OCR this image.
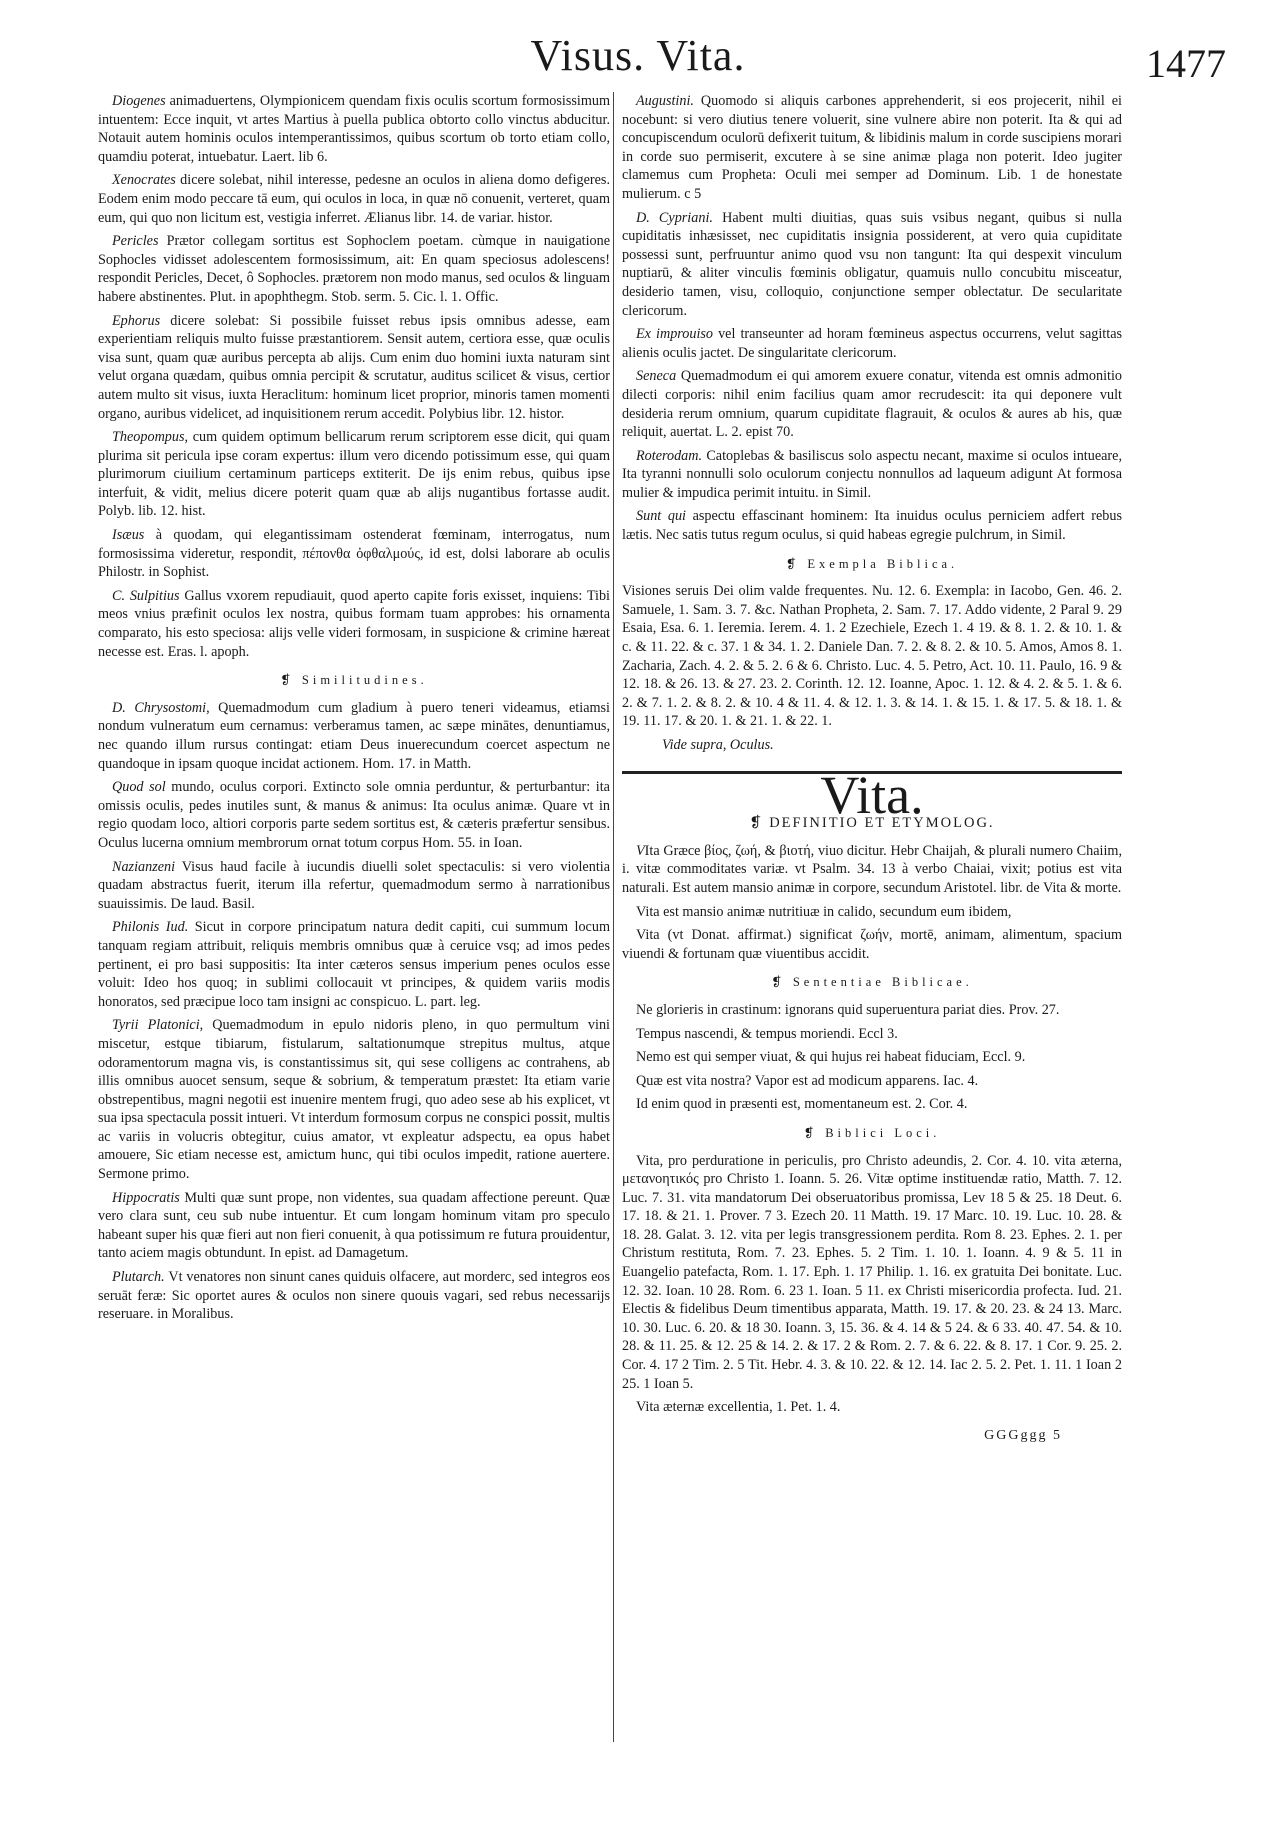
Visus. Vita.	1477

Diogenes animaduertens, Olympionicem quendam fixis oculis scortum formosissimum intuentem: Ecce inquit, vt artes Martius à puella publica obtorto collo vinctus abducitur. Notauit autem hominis oculos intemperantissimos, quibus scortum ob torto etiam collo, quamdiu poterat, intuebatur. Laert. lib 6.

Xenocrates dicere solebat, nihil interesse, pedesne an oculos in aliena domo defigeres. Eodem enim modo peccare tā eum, qui oculos in loca, in quæ nō conuenit, verteret, quam eum, qui quo non licitum est, vestigia inferret. Ælianus libr. 14. de variar. histor.

Pericles Prætor collegam sortitus est Sophoclem poetam. cùmque in nauigatione Sophocles vidisset adolescentem formosissimum, ait: En quam speciosus adolescens! respondit Pericles, Decet, ô Sophocles. prætorem non modo manus, sed oculos & linguam habere abstinentes. Plut. in apophthegm. Stob. serm. 5. Cic. l. 1. Offic.

Ephorus dicere solebat: Si possibile fuisset rebus ipsis omnibus adesse, eam experientiam reliquis multo fuisse præstantiorem. Sensit autem, certiora esse, quæ oculis visa sunt, quam quæ auribus percepta ab alijs. Cum enim duo homini iuxta naturam sint velut organa quædam, quibus omnia percipit & scrutatur, auditus scilicet & visus, certior autem multo sit visus, iuxta Heraclitum: hominum licet proprior, minoris tamen momenti organo, auribus videlicet, ad inquisitionem rerum accedit. Polybius libr. 12. histor.

Theopompus, cum quidem optimum bellicarum rerum scriptorem esse dicit, qui quam plurima sit pericula ipse coram expertus: illum vero dicendo potissimum esse, qui quam plurimorum ciuilium certaminum particeps extiterit. De ijs enim rebus, quibus ipse interfuit, & vidit, melius dicere poterit quam quæ ab alijs nugantibus fortasse audit. Polyb. lib. 12. hist.

Isæus à quodam, qui elegantissimam ostenderat fœminam, interrogatus, num formosissima videretur, respondit, πέπονθα ὀφθαλμούς, id est, dolsi laborare ab oculis Philostr. in Sophist.

C. Sulpitius Gallus vxorem repudiauit, quod aperto capite foris exisset, inquiens: Tibi meos vnius præfinit oculos lex nostra, quibus formam tuam approbes: his ornamenta comparato, his esto speciosa: alijs velle videri formosam, in suspicione & crimine hæreat necesse est. Eras. l. apoph.

❡ Similitudines.

D. Chrysostomi, Quemadmodum cum gladium à puero teneri videamus, etiamsi nondum vulneratum eum cernamus: verberamus tamen, ac sæpe minātes, denuntiamus, nec quando illum rursus contingat: etiam Deus inuerecundum coercet aspectum ne quandoque in ipsam quoque incidat actionem. Hom. 17. in Matth.

Quod sol mundo, oculus corpori. Extincto sole omnia perduntur, & perturbantur: ita omissis oculis, pedes inutiles sunt, & manus & animus: Ita oculus animæ. Quare vt in regio quodam loco, altiori corporis parte sedem sortitus est, & cæteris præfertur sensibus. Oculus lucerna omnium membrorum ornat totum corpus Hom. 55. in Ioan.

Nazianzeni Visus haud facile à iucundis diuelli solet spectaculis: si vero violentia quadam abstractus fuerit, iterum illa refertur, quemadmodum sermo à narrationibus suauissimis. De laud. Basil.

Philonis Iud. Sicut in corpore principatum natura dedit capiti, cui summum locum tanquam regiam attribuit, reliquis membris omnibus quæ à ceruice vsq; ad imos pedes pertinent, ei pro basi suppositis: Ita inter cæteros sensus imperium penes oculos esse voluit: Ideo hos quoq; in sublimi collocauit vt principes, & quidem variis modis honoratos, sed præcipue loco tam insigni ac conspicuo. L. part. leg.

Tyrii Platonici, Quemadmodum in epulo nidoris pleno, in quo permultum vini miscetur, estque tibiarum, fistularum, saltationumque strepitus multus, atque odoramentorum magna vis, is constantissimus sit, qui sese colligens ac contrahens, ab illis omnibus auocet sensum, seque & sobrium, & temperatum præstet: Ita etiam varie obstrepentibus, magni negotii est inuenire mentem frugi, quo adeo sese ab his explicet, vt sua ipsa spectacula possit intueri. Vt interdum formosum corpus ne conspici possit, multis ac variis in volucris obtegitur, cuius amator, vt expleatur adspectu, ea opus habet amouere, Sic etiam necesse est, amictum hunc, qui tibi oculos impedit, ratione auertere. Sermone primo.

Hippocratis Multi quæ sunt prope, non videntes, sua quadam affectione pereunt. Quæ vero clara sunt, ceu sub nube intuentur. Et cum longam hominum vitam pro speculo habeant super his quæ fieri aut non fieri conuenit, à qua potissimum re futura prouidentur, tanto aciem magis obtundunt. In epist. ad Damagetum.

Plutarch. Vt venatores non sinunt canes quiduis olfacere, aut morderc, sed integros eos seruāt feræ: Sic oportet aures & oculos non sinere quouis vagari, sed rebus necessarijs reseruare. in Moralibus.

Augustini. Quomodo si aliquis carbones apprehenderit, si eos projecerit, nihil ei nocebunt: si vero diutius tenere voluerit, sine vulnere abire non poterit. Ita & qui ad concupiscendum oculorū defixerit tuitum, & libidinis malum in corde suscipiens morari in corde suo permiserit, excutere à se sine animæ plaga non poterit. Ideo jugiter clamemus cum Propheta: Oculi mei semper ad Dominum. Lib. 1 de honestate mulierum. c 5

D. Cypriani. Habent multi diuitias, quas suis vsibus negant, quibus si nulla cupiditatis inhæsisset, nec cupiditatis insignia possiderent, at vero quia cupiditate possessi sunt, perfruuntur animo quod vsu non tangunt: Ita qui despexit vinculum nuptiarū, & aliter vinculis fœminis obligatur, quamuis nullo concubitu misceatur, desiderio tamen, visu, colloquio, conjunctione semper oblectatur. De secularitate clericorum.

Ex improuiso vel transeunter ad horam fœmineus aspectus occurrens, velut sagittas alienis oculis jactet. De singularitate clericorum.

Seneca Quemadmodum ei qui amorem exuere conatur, vitenda est omnis admonitio dilecti corporis: nihil enim facilius quam amor recrudescit: ita qui deponere vult desideria rerum omnium, quarum cupiditate flagrauit, & oculos & aures ab his, quæ reliquit, auertat. L. 2. epist 70.

Roterodam. Catoplebas & basiliscus solo aspectu necant, maxime si oculos intueare, Ita tyranni nonnulli solo oculorum conjectu nonnullos ad laqueum adigunt At formosa mulier & impudica perimit intuitu. in Simil.

Sunt qui aspectu effascinant hominem: Ita inuidus oculus perniciem adfert rebus lætis. Nec satis tutus regum oculus, si quid habeas egregie pulchrum, in Simil.

❡ Exempla Biblica.

Visiones seruis Dei olim valde frequentes. Nu. 12. 6. Exempla: in Iacobo, Gen. 46. 2. Samuele, 1. Sam. 3. 7. &c. Nathan Propheta, 2. Sam. 7. 17. Addo vidente, 2 Paral 9. 29 Esaia, Esa. 6. 1. Ieremia. Ierem. 4. 1. 2 Ezechiele, Ezech 1. 4 19. & 8. 1. 2. & 10. 1. & c. & 11. 22. & c. 37. 1 & 34. 1. 2. Daniele Dan. 7. 2. & 8. 2. & 10. 5. Amos, Amos 8. 1. Zacharia, Zach. 4. 2. & 5. 2. 6 & 6. Christo. Luc. 4. 5. Petro, Act. 10. 11. Paulo, 16. 9 & 12. 18. & 26. 13. & 27. 23. 2. Corinth. 12. 12. Ioanne, Apoc. 1. 12. & 4. 2. & 5. 1. & 6. 2. & 7. 1. 2. & 8. 2. & 10. 4 & 11. 4. & 12. 1. 3. & 14. 1. & 15. 1. & 17. 5. & 18. 1. & 19. 11. 17. & 20. 1. & 21. 1. & 22. 1.

Vide supra, Oculus.

Vita.
❡ DEFINITIO ET ETYMOLOG.

VIta Græce βίος, ζωή, & βιοτή, viuo dicitur. Hebr Chaijah, & plurali numero Chaiim, i. vitæ commoditates variæ. vt Psalm. 34. 13 à verbo Chaiai, vixit; potius est vita naturali. Est autem mansio animæ in corpore, secundum Aristotel. libr. de Vita & morte.

Vita est mansio animæ nutritiuæ in calido, secundum eum ibidem,

Vita (vt Donat. affirmat.) significat ζωήν, mortē, animam, alimentum, spacium viuendi & fortunam quæ viuentibus accidit.

❡ Sententiae Biblicae.

Ne glorieris in crastinum: ignorans quid superuentura pariat dies. Prov. 27.

Tempus nascendi, & tempus moriendi. Eccl 3.

Nemo est qui semper viuat, & qui hujus rei habeat fiduciam, Eccl. 9.

Quæ est vita nostra? Vapor est ad modicum apparens. Iac. 4.

Id enim quod in præsenti est, momentaneum est. 2. Cor. 4.

❡ Biblici Loci.

Vita, pro perduratione in periculis, pro Christo adeundis, 2. Cor. 4. 10. vita æterna, μετανοητικός pro Christo 1. Ioann. 5. 26. Vitæ optime instituendæ ratio, Matth. 7. 12. Luc. 7. 31. vita mandatorum Dei obseruatoribus promissa, Lev 18 5 & 25. 18 Deut. 6. 17. 18. & 21. 1. Prover. 7 3. Ezech 20. 11 Matth. 19. 17 Marc. 10. 19. Luc. 10. 28. & 18. 28. Galat. 3. 12. vita per legis transgressionem perdita. Rom 8. 23. Ephes. 2. 1. per Christum restituta, Rom. 7. 23. Ephes. 5. 2 Tim. 1. 10. 1. Ioann. 4. 9 & 5. 11 in Euangelio patefacta, Rom. 1. 17. Eph. 1. 17 Philip. 1. 16. ex gratuita Dei bonitate. Luc. 12. 32. Ioan. 10 28. Rom. 6. 23 1. Ioan. 5 11. ex Christi misericordia profecta. Iud. 21. Electis & fidelibus Deum timentibus apparata, Matth. 19. 17. & 20. 23. & 24 13. Marc. 10. 30. Luc. 6. 20. & 18 30. Ioann. 3, 15. 36. & 4. 14 & 5 24. & 6 33. 40. 47. 54. & 10. 28. & 11. 25. & 12. 25 & 14. 2. & 17. 2 & Rom. 2. 7. & 6. 22. & 8. 17. 1 Cor. 9. 25. 2. Cor. 4. 17 2 Tim. 2. 5 Tit. Hebr. 4. 3. & 10. 22. & 12. 14. Iac 2. 5. 2. Pet. 1. 11. 1 Ioan 2 25. 1 Ioan 5.

Vita æternæ excellentia, 1. Pet. 1. 4.

GGGggg 5
